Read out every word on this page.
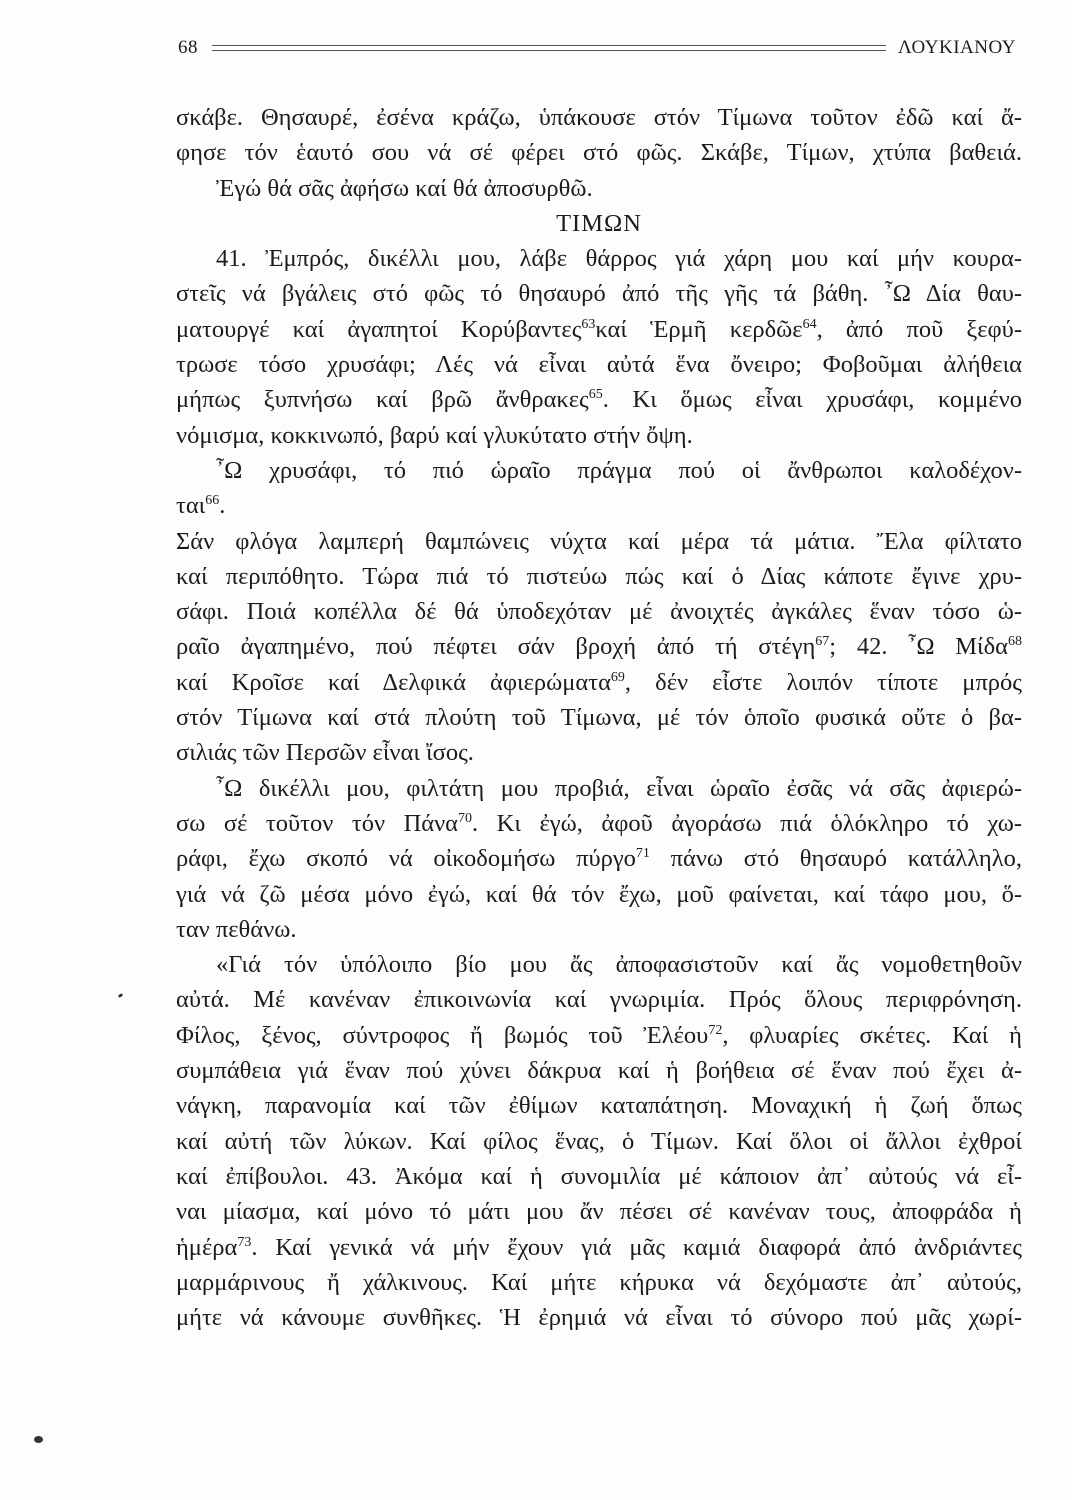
68	ΛΟΥΚΙΑΝΟΥ
σκάβε. Θησαυρέ, ἐσένα κράζω, ὑπάκουσε στόν Τίμωνα τοῦτον ἐδῶ καί ἄ-
φησε τόν ἑαυτό σου νά σέ φέρει στό φῶς. Σκάβε, Τίμων, χτύπα βαθειά.
Ἐγώ θά σᾶς ἀφήσω καί θά ἀποσυρθῶ.
ΤΙΜΩΝ
41. Ἐμπρός, δικέλλι μου, λάβε θάρρος γιά χάρη μου καί μήν κουρα-
στεῖς νά βγάλεις στό φῶς τό θησαυρό ἀπό τῆς γῆς τά βάθη. ῏Ω Δία θαυ-
ματουργέ καί ἀγαπητοί Κορύβαντες$^{63}$καί Ἑρμῆ κερδῶε$^{64}$, ἀπό ποῦ ξεφύ-
τρωσε τόσο χρυσάφι; Λές νά εἶναι αὐτά ἕνα ὄνειρο; Φοβοῦμαι ἀλήθεια
μήπως ξυπνήσω καί βρῶ ἄνθρακες$^{65}$. Κι ὅμως εἶναι χρυσάφι, κομμένο
νόμισμα, κοκκινωπό, βαρύ καί γλυκύτατο στήν ὄψη.
῏Ω χρυσάφι, τό πιό ὡραῖο πράγμα πού οἱ ἄνθρωποι καλοδέχον-
ται$^{66}$.
Σάν φλόγα λαμπερή θαμπώνεις νύχτα καί μέρα τά μάτια. Ἔλα φίλτατο
καί περιπόθητο. Τώρα πιά τό πιστεύω πώς καί ὁ Δίας κάποτε ἔγινε χρυ-
σάφι. Ποιά κοπέλλα δέ θά ὑποδεχόταν μέ ἀνοιχτές ἀγκάλες ἕναν τόσο ὡ-
ραῖο ἀγαπημένο, πού πέφτει σάν βροχή ἀπό τή στέγη$^{67}$; 42. ῏Ω Μίδα$^{68}$
καί Κροῖσε καί Δελφικά ἀφιερώματα$^{69}$, δέν εἶστε λοιπόν τίποτε μπρός
στόν Τίμωνα καί στά πλούτη τοῦ Τίμωνα, μέ τόν ὁποῖο φυσικά οὔτε ὁ βα-
σιλιάς τῶν Περσῶν εἶναι ἴσος.
῏Ω δικέλλι μου, φιλτάτη μου προβιά, εἶναι ὡραῖο ἐσᾶς νά σᾶς ἀφιερώ-
σω σέ τοῦτον τόν Πάνα$^{70}$. Κι ἐγώ, ἀφοῦ ἀγοράσω πιά ὁλόκληρο τό χω-
ράφι, ἔχω σκοπό νά οἰκοδομήσω πύργο$^{71}$ πάνω στό θησαυρό κατάλληλο,
γιά νά ζῶ μέσα μόνο ἐγώ, καί θά τόν ἔχω, μοῦ φαίνεται, καί τάφο μου, ὅ-
ταν πεθάνω.
«Γιά τόν ὑπόλοιπο βίο μου ἄς ἀποφασιστοῦν καί ἄς νομοθετηθοῦν
αὐτά. Μέ κανέναν ἐπικοινωνία καί γνωριμία. Πρός ὅλους περιφρόνηση.
Φίλος, ξένος, σύντροφος ἤ βωμός τοῦ Ἐλέου$^{72}$, φλυαρίες σκέτες. Καί ἡ
συμπάθεια γιά ἕναν πού χύνει δάκρυα καί ἡ βοήθεια σέ ἕναν πού ἔχει ἀ-
νάγκη, παρανομία καί τῶν ἐθίμων καταπάτηση. Μοναχική ἡ ζωή ὅπως
καί αὐτή τῶν λύκων. Καί φίλος ἕνας, ὁ Τίμων. Καί ὅλοι οἱ ἄλλοι ἐχθροί
καί ἐπίβουλοι. 43. Ἀκόμα καί ἡ συνομιλία μέ κάποιον ἀπ᾽ αὐτούς νά εἶ-
ναι μίασμα, καί μόνο τό μάτι μου ἄν πέσει σέ κανέναν τους, ἀποφράδα ἡ
ἡμέρα$^{73}$. Καί γενικά νά μήν ἔχουν γιά μᾶς καμιά διαφορά ἀπό ἀνδριάντες
μαρμάρινους ἤ χάλκινους. Καί μήτε κήρυκα νά δεχόμαστε ἀπ᾽ αὐτούς,
μήτε νά κάνουμε συνθῆκες. Ἡ ἐρημιά νά εἶναι τό σύνορο πού μᾶς χωρί-
